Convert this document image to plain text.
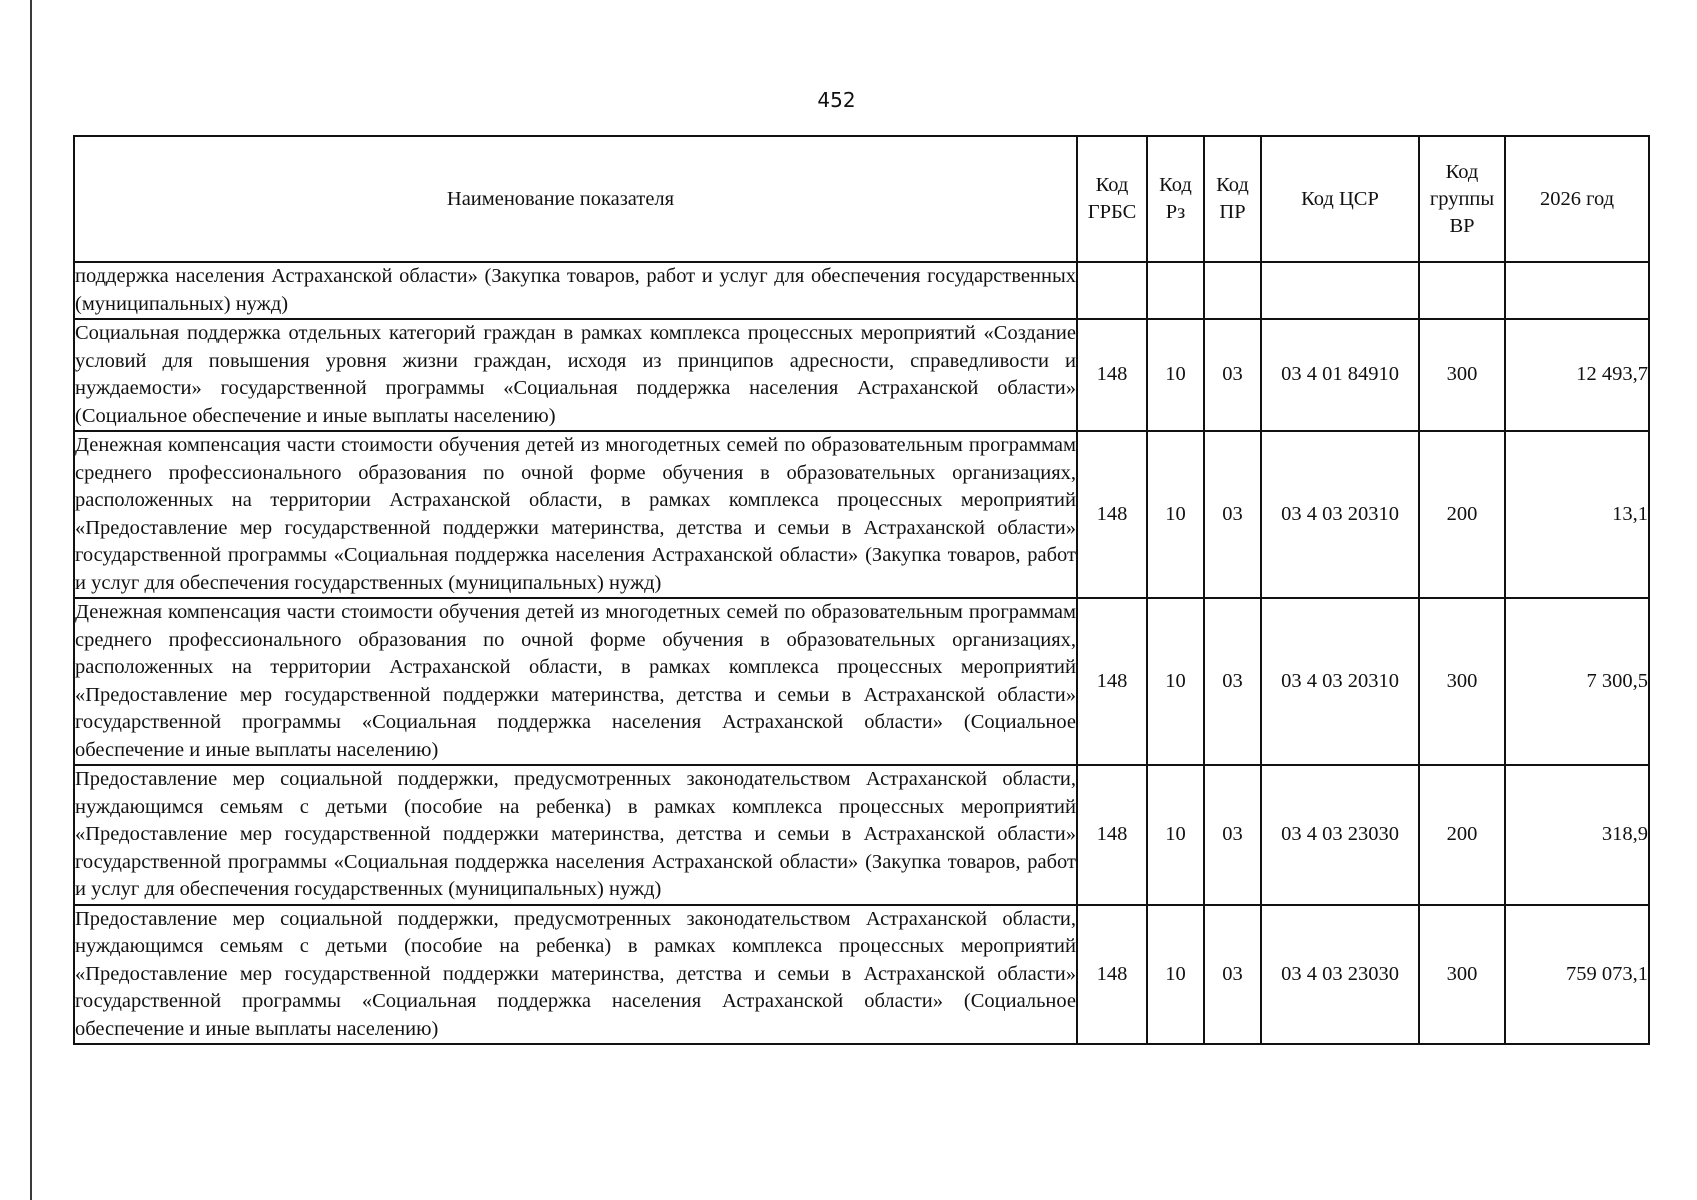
452
Наименование показателя	Код ГРБС	Код Рз	Код ПР	Код ЦСР	Код группы ВР	2026 год
поддержка населения Астраханской области» (Закупка товаров, работ и услуг для обеспечения государственных (муниципальных) нужд)						
Социальная поддержка отдельных категорий граждан в рамках комплекса процессных мероприятий «Создание условий для повышения уровня жизни граждан, исходя из принципов адресности, справедливости и нуждаемости» государственной программы «Социальная поддержка населения Астраханской области» (Социальное обеспечение и иные выплаты населению)	148	10	03	03 4 01 84910	300	12 493,7
Денежная компенсация части стоимости обучения детей из многодетных семей по образовательным программам среднего профессионального образования по очной форме обучения в образовательных организациях, расположенных на территории Астраханской области, в рамках комплекса процессных мероприятий «Предоставление мер государственной поддержки материнства, детства и семьи в Астраханской области» государственной программы «Социальная поддержка населения Астраханской области» (Закупка товаров, работ и услуг для обеспечения государственных (муниципальных) нужд)	148	10	03	03 4 03 20310	200	13,1
Денежная компенсация части стоимости обучения детей из многодетных семей по образовательным программам среднего профессионального образования по очной форме обучения в образовательных организациях, расположенных на территории Астраханской области, в рамках комплекса процессных мероприятий «Предоставление мер государственной поддержки материнства, детства и семьи в Астраханской области» государственной программы «Социальная поддержка населения Астраханской области» (Социальное обеспечение и иные выплаты населению)	148	10	03	03 4 03 20310	300	7 300,5
Предоставление мер социальной поддержки, предусмотренных законодательством Астраханской области, нуждающимся семьям с детьми (пособие на ребенка) в рамках комплекса процессных мероприятий «Предоставление мер государственной поддержки материнства, детства и семьи в Астраханской области» государственной программы «Социальная поддержка населения Астраханской области» (Закупка товаров, работ и услуг для обеспечения государственных (муниципальных) нужд)	148	10	03	03 4 03 23030	200	318,9
Предоставление мер социальной поддержки, предусмотренных законодательством Астраханской области, нуждающимся семьям с детьми (пособие на ребенка) в рамках комплекса процессных мероприятий «Предоставление мер государственной поддержки материнства, детства и семьи в Астраханской области» государственной программы «Социальная поддержка населения Астраханской области» (Социальное обеспечение и иные выплаты населению)	148	10	03	03 4 03 23030	300	759 073,1
